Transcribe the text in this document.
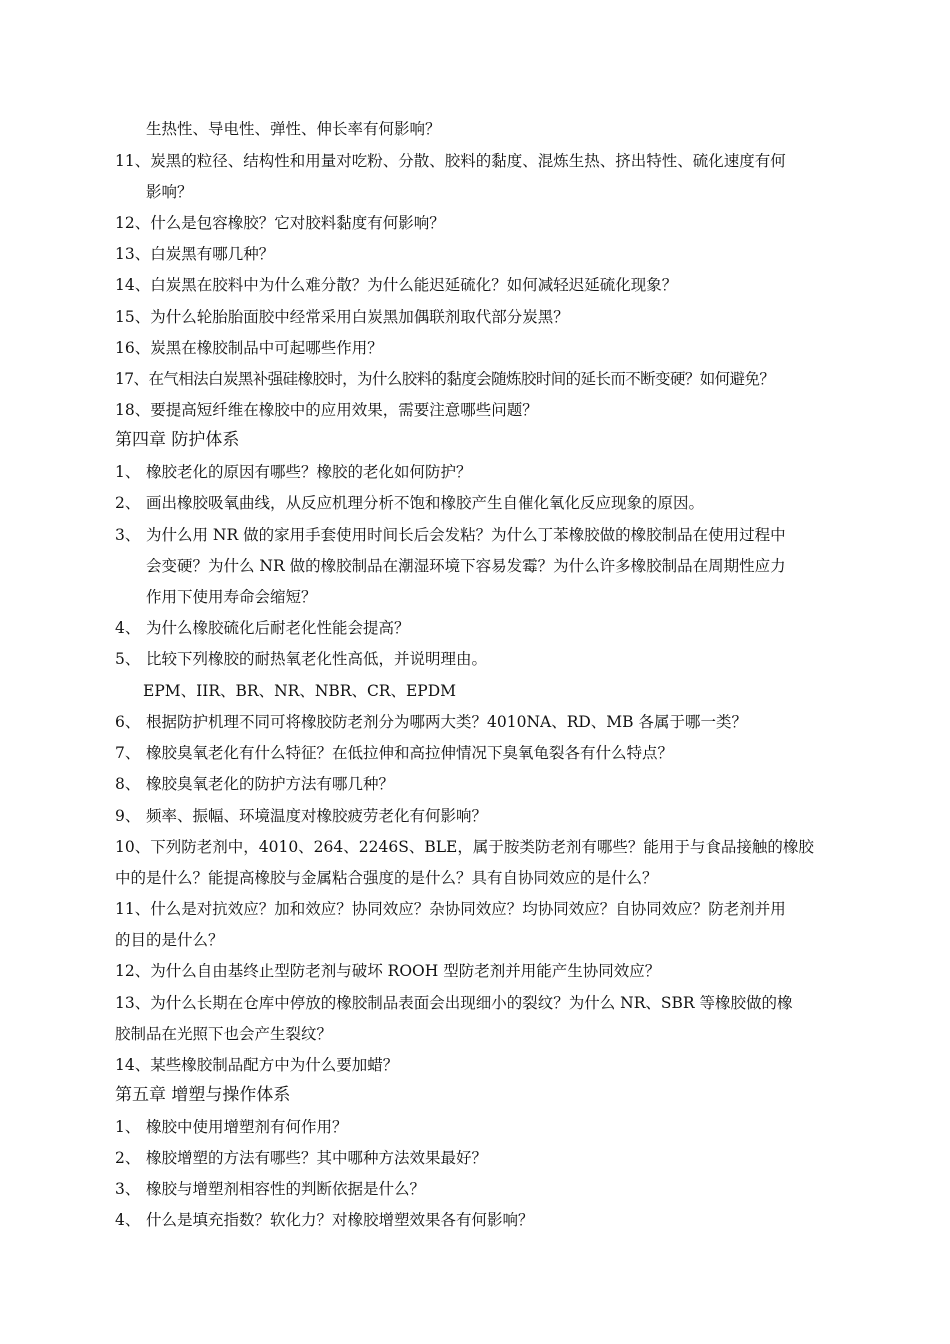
生热性、导电性、弹性、伸长率有何影响？
11、炭黑的粒径、结构性和用量对吃粉、分散、胶料的黏度、混炼生热、挤出特性、硫化速度有何
影响？
12、什么是包容橡胶？它对胶料黏度有何影响？
13、白炭黑有哪几种？
14、白炭黑在胶料中为什么难分散？为什么能迟延硫化？如何减轻迟延硫化现象？
15、为什么轮胎胎面胶中经常采用白炭黑加偶联剂取代部分炭黑？
16、炭黑在橡胶制品中可起哪些作用？
17、在气相法白炭黑补强硅橡胶时，为什么胶料的黏度会随炼胶时间的延长而不断变硬？如何避免？
18、要提高短纤维在橡胶中的应用效果，需要注意哪些问题？
第四章 防护体系
1、 橡胶老化的原因有哪些？橡胶的老化如何防护？
2、 画出橡胶吸氧曲线，从反应机理分析不饱和橡胶产生自催化氧化反应现象的原因。
3、 为什么用 NR 做的家用手套使用时间长后会发粘？为什么丁苯橡胶做的橡胶制品在使用过程中
会变硬？为什么 NR 做的橡胶制品在潮湿环境下容易发霉？为什么许多橡胶制品在周期性应力
作用下使用寿命会缩短？
4、 为什么橡胶硫化后耐老化性能会提高？
5、 比较下列橡胶的耐热氧老化性高低，并说明理由。
EPM、IIR、BR、NR、NBR、CR、EPDM
6、 根据防护机理不同可将橡胶防老剂分为哪两大类？4010NA、RD、MB 各属于哪一类？
7、 橡胶臭氧老化有什么特征？在低拉伸和高拉伸情况下臭氧龟裂各有什么特点？
8、 橡胶臭氧老化的防护方法有哪几种？
9、 频率、振幅、环境温度对橡胶疲劳老化有何影响？
10、下列防老剂中，4010、264、2246S、BLE，属于胺类防老剂有哪些？能用于与食品接触的橡胶
中的是什么？能提高橡胶与金属粘合强度的是什么？具有自协同效应的是什么？
11、什么是对抗效应？加和效应？协同效应？杂协同效应？均协同效应？自协同效应？防老剂并用
的目的是什么？
12、为什么自由基终止型防老剂与破坏 ROOH 型防老剂并用能产生协同效应？
13、为什么长期在仓库中停放的橡胶制品表面会出现细小的裂纹？为什么 NR、SBR 等橡胶做的橡
胶制品在光照下也会产生裂纹？
14、某些橡胶制品配方中为什么要加蜡？
第五章 增塑与操作体系
1、 橡胶中使用增塑剂有何作用？
2、 橡胶增塑的方法有哪些？其中哪种方法效果最好？
3、 橡胶与增塑剂相容性的判断依据是什么？
4、 什么是填充指数？软化力？对橡胶增塑效果各有何影响？
